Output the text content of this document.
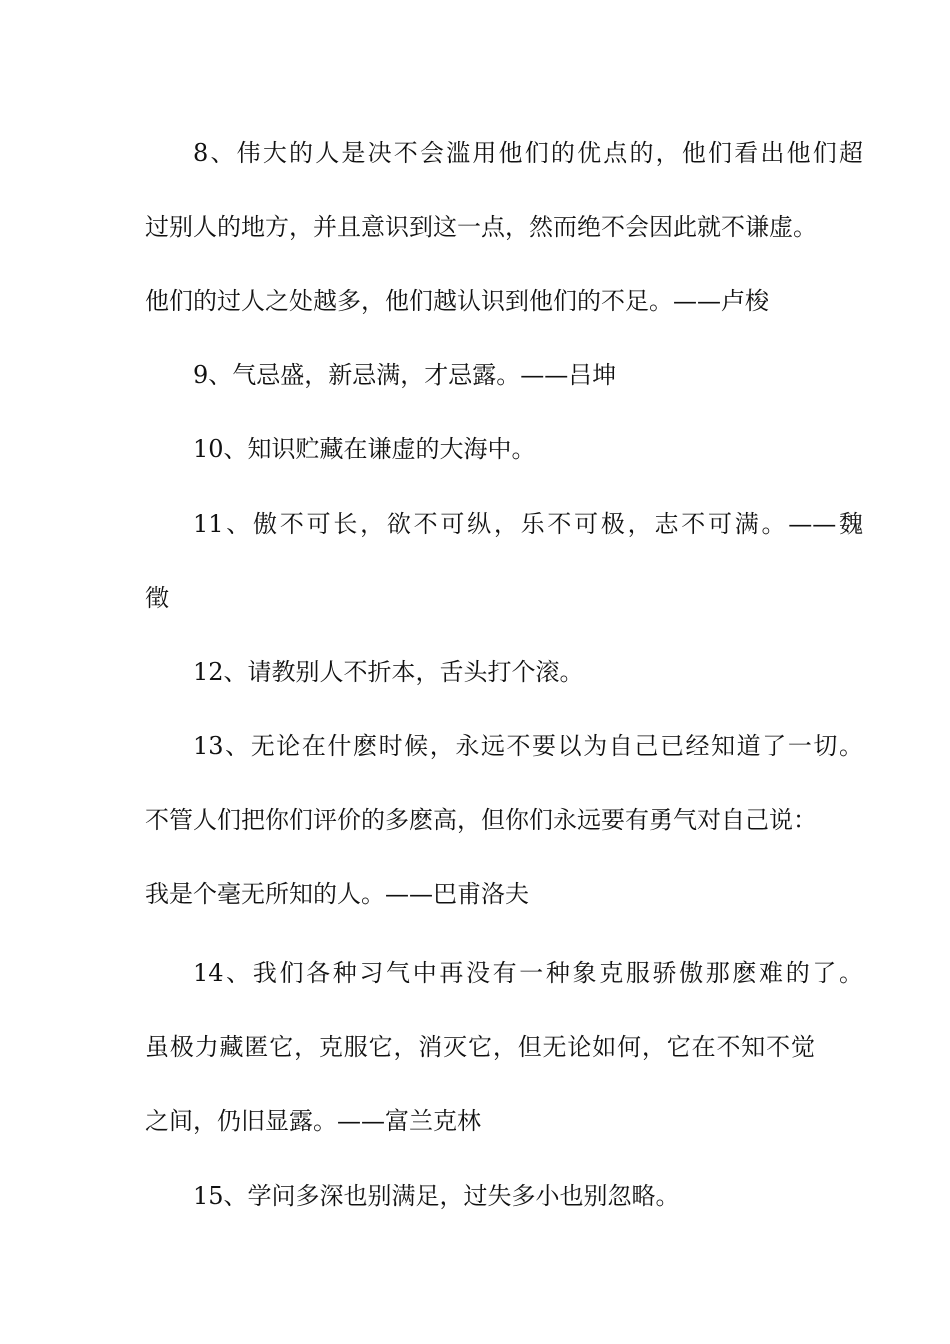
8、伟大的人是决不会滥用他们的优点的，他们看出他们超
过别人的地方，并且意识到这一点，然而绝不会因此就不谦虚。
他们的过人之处越多，他们越认识到他们的不足。——卢梭
9、气忌盛，新忌满，才忌露。——吕坤
10、知识贮藏在谦虚的大海中。
11、傲不可长，欲不可纵，乐不可极，志不可满。——魏
徵
12、请教别人不折本，舌头打个滚。
13、无论在什麽时候，永远不要以为自己已经知道了一切。
不管人们把你们评价的多麽高，但你们永远要有勇气对自己说：
我是个毫无所知的人。——巴甫洛夫
14、我们各种习气中再没有一种象克服骄傲那麽难的了。
虽极力藏匿它，克服它，消灭它，但无论如何，它在不知不觉
之间，仍旧显露。——富兰克林
15、学问多深也别满足，过失多小也别忽略。
